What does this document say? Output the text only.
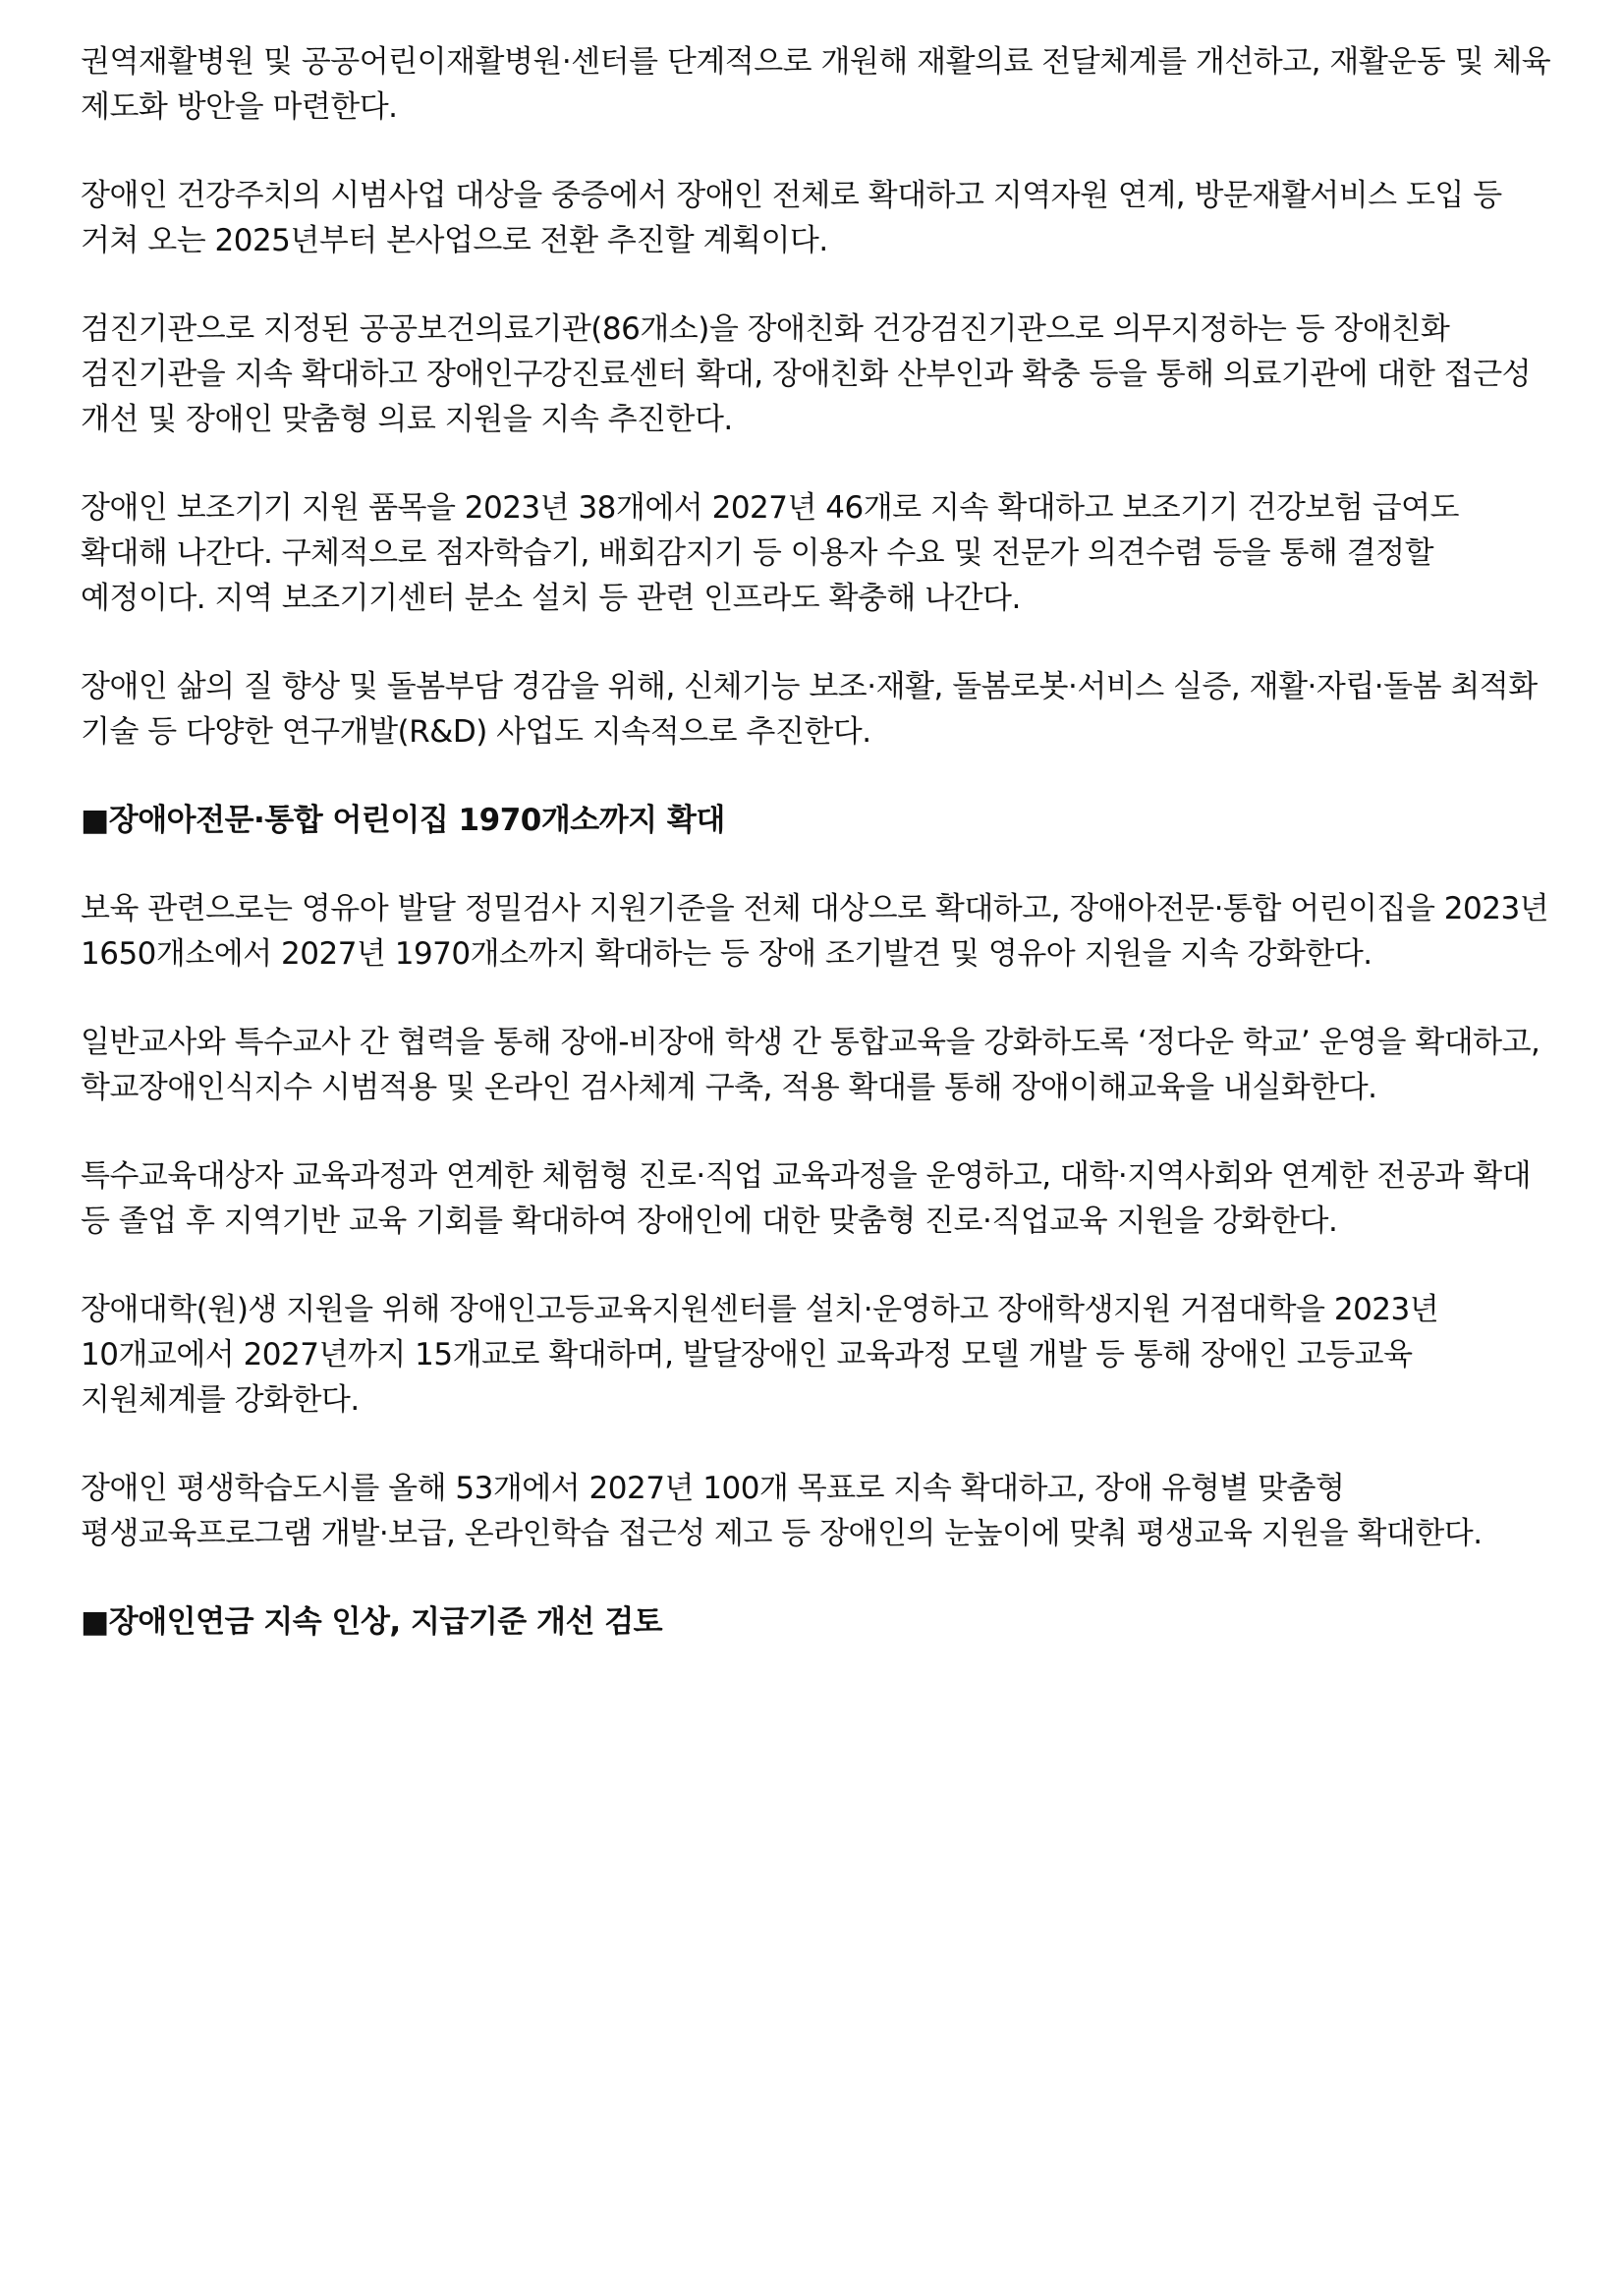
권역재활병원 및 공공어린이재활병원·센터를 단계적으로 개원해 재활의료 전달체계를 개선하고, 재활운동 및 체육 제도화 방안을 마련한다.

장애인 건강주치의 시범사업 대상을 중증에서 장애인 전체로 확대하고 지역자원 연계, 방문재활서비스 도입 등 거쳐 오는 2025년부터 본사업으로 전환 추진할 계획이다.

검진기관으로 지정된 공공보건의료기관(86개소)을 장애친화 건강검진기관으로 의무지정하는 등 장애친화 검진기관을 지속 확대하고 장애인구강진료센터 확대, 장애친화 산부인과 확충 등을 통해 의료기관에 대한 접근성 개선 및 장애인 맞춤형 의료 지원을 지속 추진한다.

장애인 보조기기 지원 품목을 2023년 38개에서 2027년 46개로 지속 확대하고 보조기기 건강보험 급여도 확대해 나간다. 구체적으로 점자학습기, 배회감지기 등 이용자 수요 및 전문가 의견수렴 등을 통해 결정할 예정이다. 지역 보조기기센터 분소 설치 등 관련 인프라도 확충해 나간다.

장애인 삶의 질 향상 및 돌봄부담 경감을 위해, 신체기능 보조·재활, 돌봄로봇·서비스 실증, 재활·자립·돌봄 최적화 기술 등 다양한 연구개발(R&D) 사업도 지속적으로 추진한다.

■장애아전문·통합 어린이집 1970개소까지 확대

보육 관련으로는 영유아 발달 정밀검사 지원기준을 전체 대상으로 확대하고, 장애아전문·통합 어린이집을 2023년 1650개소에서 2027년 1970개소까지 확대하는 등 장애 조기발견 및 영유아 지원을 지속 강화한다.

일반교사와 특수교사 간 협력을 통해 장애-비장애 학생 간 통합교육을 강화하도록 ‘정다운 학교’ 운영을 확대하고, 학교장애인식지수 시범적용 및 온라인 검사체계 구축, 적용 확대를 통해 장애이해교육을 내실화한다.

특수교육대상자 교육과정과 연계한 체험형 진로·직업 교육과정을 운영하고, 대학·지역사회와 연계한 전공과 확대 등 졸업 후 지역기반 교육 기회를 확대하여 장애인에 대한 맞춤형 진로·직업교육 지원을 강화한다.

장애대학(원)생 지원을 위해 장애인고등교육지원센터를 설치·운영하고 장애학생지원 거점대학을 2023년 10개교에서 2027년까지 15개교로 확대하며, 발달장애인 교육과정 모델 개발 등 통해 장애인 고등교육 지원체계를 강화한다.

장애인 평생학습도시를 올해 53개에서 2027년 100개 목표로 지속 확대하고, 장애 유형별 맞춤형 평생교육프로그램 개발·보급, 온라인학습 접근성 제고 등 장애인의 눈높이에 맞춰 평생교육 지원을 확대한다.

■장애인연금 지속 인상, 지급기준 개선 검토
